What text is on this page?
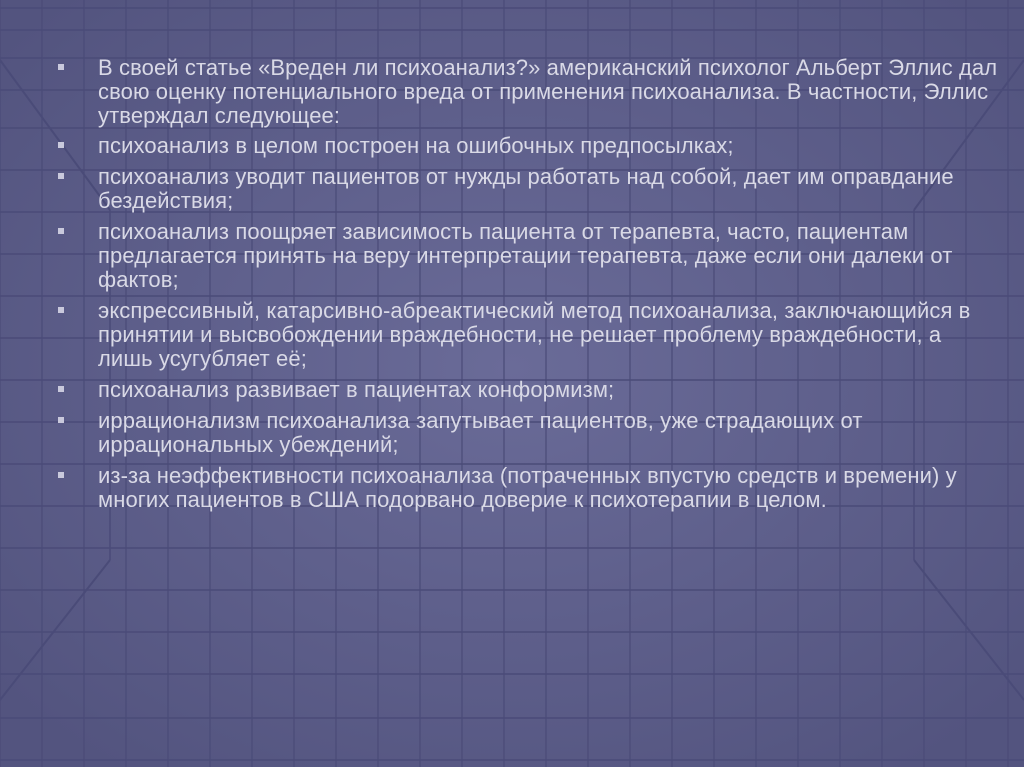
В своей статье «Вреден ли психоанализ?» американский психолог Альберт Эллис дал свою оценку потенциального вреда от применения психоанализа. В частности, Эллис утверждал следующее:
психоанализ в целом построен на ошибочных предпосылках;
психоанализ уводит пациентов от нужды работать над собой, дает им оправдание бездействия;
психоанализ поощряет зависимость пациента от терапевта, часто, пациентам предлагается принять на веру интерпретации терапевта, даже если они далеки от фактов;
экспрессивный, катарсивно-абреактический метод психоанализа, заключающийся в принятии и высвобождении враждебности, не решает проблему враждебности, а лишь усугубляет её;
психоанализ развивает в пациентах конформизм;
иррационализм психоанализа запутывает пациентов, уже страдающих от иррациональных убеждений;
из-за неэффективности психоанализа (потраченных впустую средств и времени) у многих пациентов в США подорвано доверие к психотерапии в целом.
